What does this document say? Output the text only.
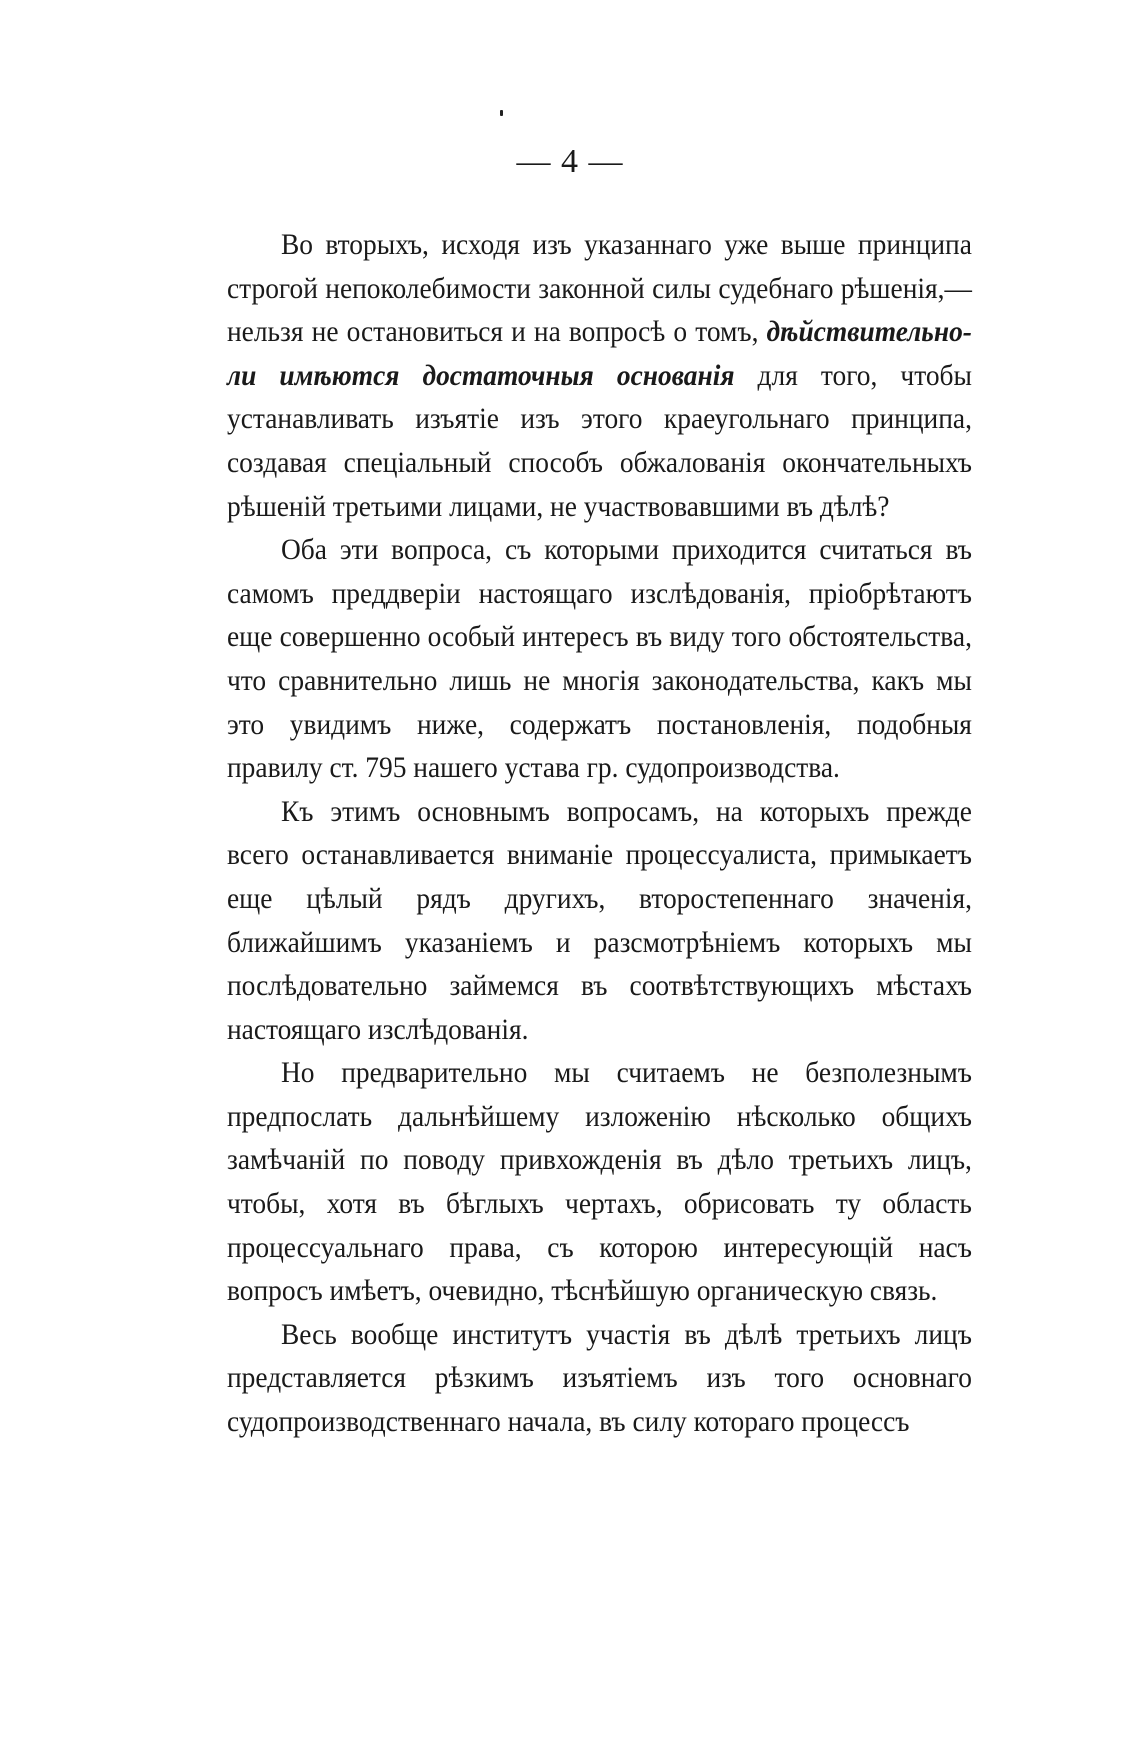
— 4 —

Во вторыхъ, исходя изъ указаннаго уже выше принципа строгой непоколебимости законной силы судебнаго рѣшенія,—нельзя не остановиться и на вопросѣ о томъ, дѣйствительно-ли имѣются достаточныя основанія для того, чтобы устанавливать изъятіе изъ этого краеугольнаго принципа, создавая спеціальный способъ обжалованія окончательныхъ рѣшеній третьими лицами, не участвовавшими въ дѣлѣ?

Оба эти вопроса, съ которыми приходится считаться въ самомъ преддверіи настоящаго изслѣдованія, пріобрѣтаютъ еще совершенно особый интересъ въ виду того обстоятельства, что сравнительно лишь не многія законодательства, какъ мы это увидимъ ниже, содержатъ постановленія, подобныя правилу ст. 795 нашего устава гр. судопроизводства.

Къ этимъ основнымъ вопросамъ, на которыхъ прежде всего останавливается вниманіе процессуалиста, примыкаетъ еще цѣлый рядъ другихъ, второстепеннаго значенія, ближайшимъ указаніемъ и разсмотрѣніемъ которыхъ мы послѣдовательно займемся въ соотвѣтствующихъ мѣстахъ настоящаго изслѣдованія.

Но предварительно мы считаемъ не безполезнымъ предпослать дальнѣйшему изложенію нѣсколько общихъ замѣчаній по поводу привхожденія въ дѣло третьихъ лицъ, чтобы, хотя въ бѣглыхъ чертахъ, обрисовать ту область процессуальнаго права, съ которою интересующій насъ вопросъ имѣетъ, очевидно, тѣснѣйшую органическую связь.

Весь вообще институтъ участія въ дѣлѣ третьихъ лицъ представляется рѣзкимъ изъятіемъ изъ того основнаго судопроизводственнаго начала, въ силу котораго процессъ
